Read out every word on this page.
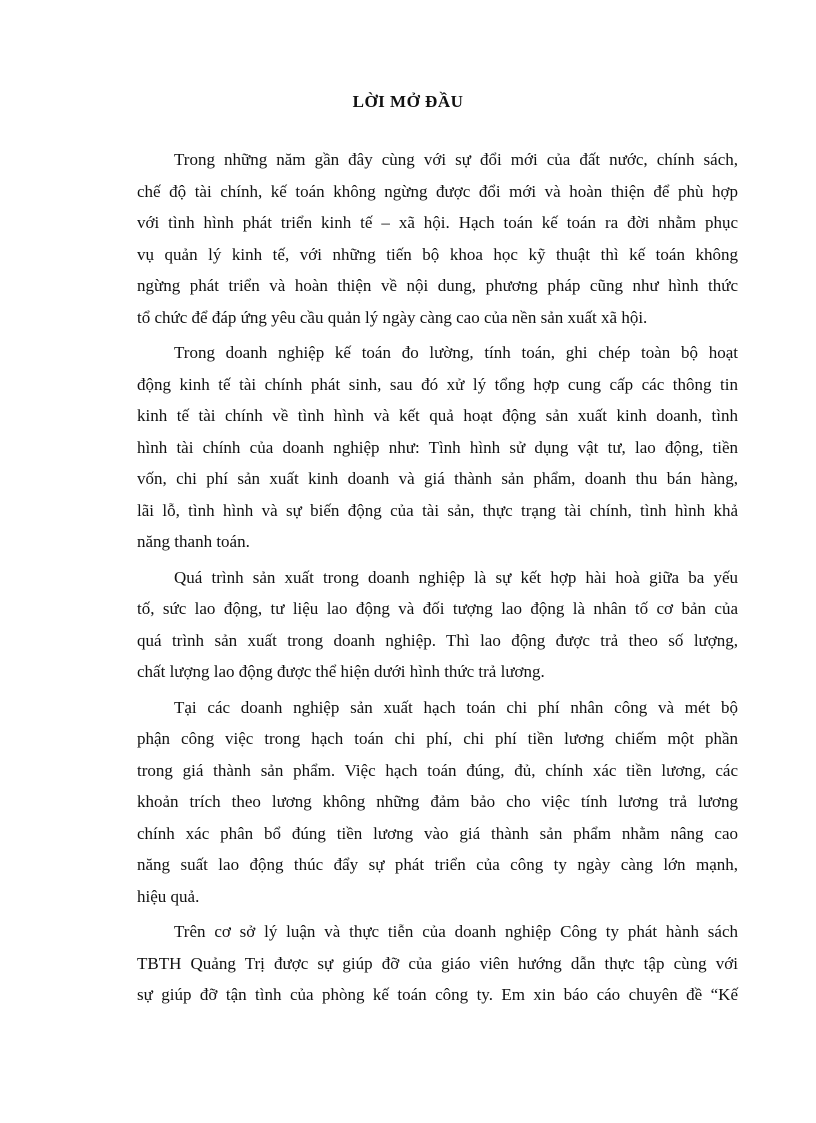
LỜI MỞ ĐẦU
Trong những năm gần đây cùng với sự đổi mới của đất nước, chính sách,
chế độ tài chính, kế toán không ngừng được đổi mới và hoàn thiện để phù hợp
với tình hình phát triển kinh tế – xã hội. Hạch toán kế toán ra đời nhằm phục
vụ quản lý kinh tế, với những tiến bộ khoa học kỹ thuật thì kế toán không
ngừng phát triển và hoàn thiện về nội dung, phương pháp cũng như hình thức
tổ chức để đáp ứng yêu cầu quản lý ngày càng cao của nền sản xuất xã hội.
Trong doanh nghiệp kế toán đo lường, tính toán, ghi chép toàn bộ hoạt
động kinh tế tài chính phát sinh, sau đó xử lý tổng hợp cung cấp các thông tin
kinh tế tài chính về tình hình và kết quả hoạt động sản xuất kinh doanh, tình
hình tài chính của doanh nghiệp như: Tình hình sử dụng vật tư, lao động, tiền
vốn, chi phí sản xuất kinh doanh và giá thành sản phẩm, doanh thu bán hàng,
lãi lỗ, tình hình và sự biến động của tài sản, thực trạng tài chính, tình hình khả
năng thanh toán.
Quá trình sản xuất trong doanh nghiệp là sự kết hợp hài hoà giữa ba yếu
tố, sức lao động, tư liệu lao động và đối tượng lao động là nhân tố cơ bản của
quá trình sản xuất trong doanh nghiệp. Thì lao động được trả theo số lượng,
chất lượng lao động được thể hiện dưới hình thức trả lương.
Tại các doanh nghiệp sản xuất hạch toán chi phí nhân công và mét bộ
phận công việc trong hạch toán chi phí, chi phí tiền lương chiếm một phần
trong giá thành sản phẩm. Việc hạch toán đúng, đủ, chính xác tiền lương, các
khoản trích theo lương không những đảm bảo cho việc tính lương trả lương
chính xác phân bổ đúng tiền lương vào giá thành sản phẩm nhằm nâng cao
năng suất lao động thúc đẩy sự phát triển của công ty ngày càng lớn mạnh,
hiệu quả.
Trên cơ sở lý luận và thực tiễn của doanh nghiệp Công ty phát hành sách
TBTH Quảng Trị được sự giúp đỡ của giáo viên hướng dẫn thực tập cùng với
sự giúp đỡ tận tình của phòng kế toán công ty. Em xin báo cáo chuyên đề “Kế
